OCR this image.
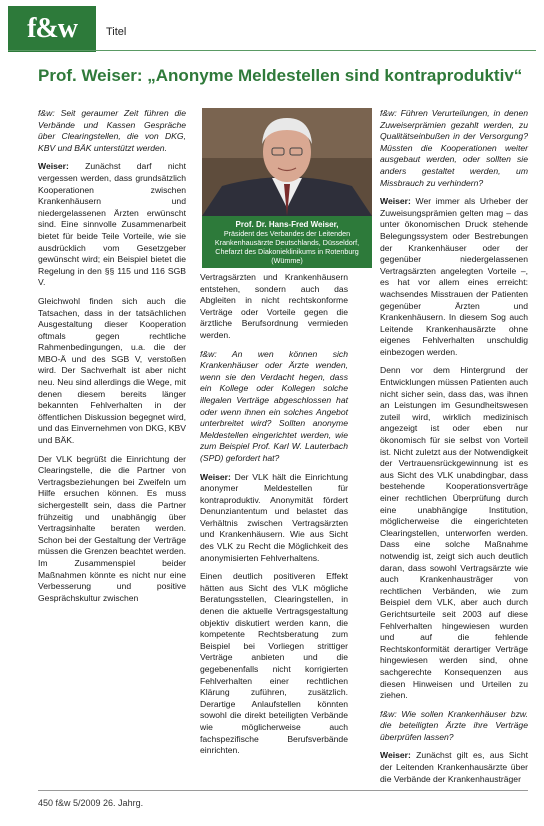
f&w	Titel
Prof. Weiser: „Anonyme Meldestellen sind kontraproduktiv“

f&w: Seit geraumer Zeit führen die Verbände und Kassen Gespräche über Clearingstellen, die von DKG, KBV und BÄK unterstützt werden.

Weiser: Zunächst darf nicht vergessen werden, dass grundsätzlich Kooperationen zwischen Krankenhäusern und niedergelassenen Ärzten erwünscht sind. Eine sinnvolle Zusammenarbeit bietet für beide Teile Vorteile, wie sie ausdrücklich vom Gesetzgeber gewünscht wird; ein Beispiel bietet die Regelung in den §§ 115 und 116 SGB V.

Gleichwohl finden sich auch die Tatsachen, dass in der tatsächlichen Ausgestaltung dieser Kooperation oftmals gegen rechtliche Rahmenbedingungen, u.a. die der MBO-Ä und des SGB V, verstoßen wird. Der Sachverhalt ist aber nicht neu. Neu sind allerdings die Wege, mit denen diesem bereits länger bekannten Fehlverhalten in der öffentlichen Diskussion begegnet wird, und das Einvernehmen von DKG, KBV und BÄK.

Der VLK begrüßt die Einrichtung der Clearingstelle, die die Partner von Vertragsbeziehungen bei Zweifeln um Hilfe ersuchen können. Es muss sichergestellt sein, dass die Partner frühzeitig und unabhängig über Vertragsinhalte beraten werden. Schon bei der Gestaltung der Verträge müssen die Grenzen beachtet werden. Im Zusammenspiel beider Maßnahmen könnte es nicht nur eine Verbesserung und positive Gesprächskultur zwischen

Prof. Dr. Hans-Fred Weiser,
Präsident des Verbandes der Leitenden Krankenhausärzte Deutschlands, Düsseldorf, Chefarzt des Diakonieklinikums in Rotenburg (Wümme)

Vertragsärzten und Krankenhäusern entstehen, sondern auch das Abgleiten in nicht rechtskonforme Verträge oder Vorteile gegen die ärztliche Berufsordnung vermieden werden.

f&w: An wen können sich Krankenhäuser oder Ärzte wenden, wenn sie den Verdacht hegen, dass ein Kollege oder Kollegen solche illegalen Verträge abgeschlossen hat oder wenn ihnen ein solches Angebot unterbreitet wird? Sollten anonyme Meldestellen eingerichtet werden, wie zum Beispiel Prof. Karl W. Lauterbach (SPD) gefordert hat?

Weiser: Der VLK hält die Einrichtung anonymer Meldestellen für kontraproduktiv. Anonymität fördert Denunziantentum und belastet das Verhältnis zwischen Vertragsärzten und Krankenhäusern. Wie aus Sicht des VLK zu Recht die Möglichkeit des anonymisierten Fehlverhaltens.

Einen deutlich positiveren Effekt hätten aus Sicht des VLK mögliche Beratungsstellen, Clearingstellen, in denen die aktuelle Vertragsgestaltung objektiv diskutiert werden kann, die kompetente Rechtsberatung zum Beispiel bei Vorliegen strittiger Verträge anbieten und die gegebenenfalls nicht korrigierten Fehlverhalten einer rechtlichen Klärung zuführen, zusätzlich. Derartige Anlaufstellen könnten sowohl die direkt beteiligten Verbände wie möglicherweise auch fachspezifische Berufsverbände einrichten.

f&w: Führen Verurteilungen, in denen Zuweiserprämien gezahlt werden, zu Qualitätseinbußen in der Versorgung? Müssten die Kooperationen weiter ausgebaut werden, oder sollten sie anders gestaltet werden, um Missbrauch zu verhindern?

Weiser: Wer immer als Urheber der Zuweisungsprämien gelten mag – das unter ökonomischen Druck stehende Belegungssystem oder Bestrebungen der Krankenhäuser oder der gegenüber niedergelassenen Vertragsärzten angelegten Vorteile –, es hat vor allem eines erreicht: wachsendes Misstrauen der Patienten gegenüber Ärzten und Krankenhäusern. In diesem Sog auch Leitende Krankenhausärzte ohne eigenes Fehlverhalten unschuldig einbezogen werden.

Denn vor dem Hintergrund der Entwicklungen müssen Patienten auch nicht sicher sein, dass das, was ihnen an Leistungen im Gesundheitswesen zuteil wird, wirklich medizinisch angezeigt ist oder eben nur ökonomisch für sie selbst von Vorteil ist. Nicht zuletzt aus der Notwendigkeit der Vertrauensrückgewinnung ist es aus Sicht des VLK unabdingbar, dass bestehende Kooperationsverträge einer rechtlichen Überprüfung durch eine unabhängige Institution, möglicherweise die eingerichteten Clearingstellen, unterworfen werden. Dass eine solche Maßnahme notwendig ist, zeigt sich auch deutlich daran, dass sowohl Vertragsärzte wie auch Krankenhausträger von rechtlichen Verbänden, wie zum Beispiel dem VLK, aber auch durch Gerichtsurteile seit 2003 auf diese Fehlverhalten hingewiesen wurden und auf die fehlende Rechtskonformität derartiger Verträge hingewiesen werden sind, ohne sachgerechte Konsequenzen aus diesen Hinweisen und Urteilen zu ziehen.

f&w: Wie sollen Krankenhäuser bzw. die beteiligten Ärzte ihre Verträge überprüfen lassen?

Weiser: Zunächst gilt es, aus Sicht der Leitenden Krankenhausärzte über die Verbände der Krankenhausträger

450 f&w 5/2009 26. Jahrg.
